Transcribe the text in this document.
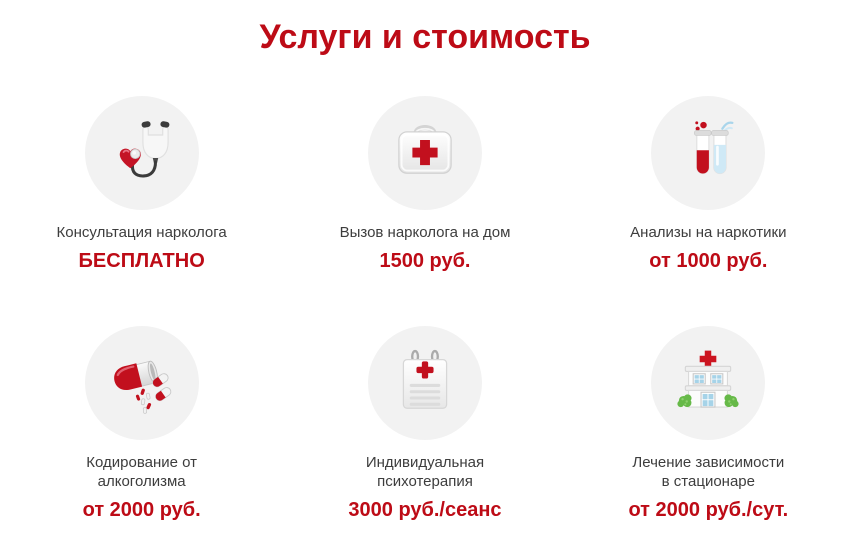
Услуги и стоимость
Консультация нарколога
БЕСПЛАТНО
Вызов нарколога на дом
1500 руб.
Анализы на наркотики
от 1000 руб.
Кодирование от
алкоголизма
от 2000 руб.
Индивидуальная
психотерапия
3000 руб./сеанс
Лечение зависимости
в стационаре
от 2000 руб./сут.
